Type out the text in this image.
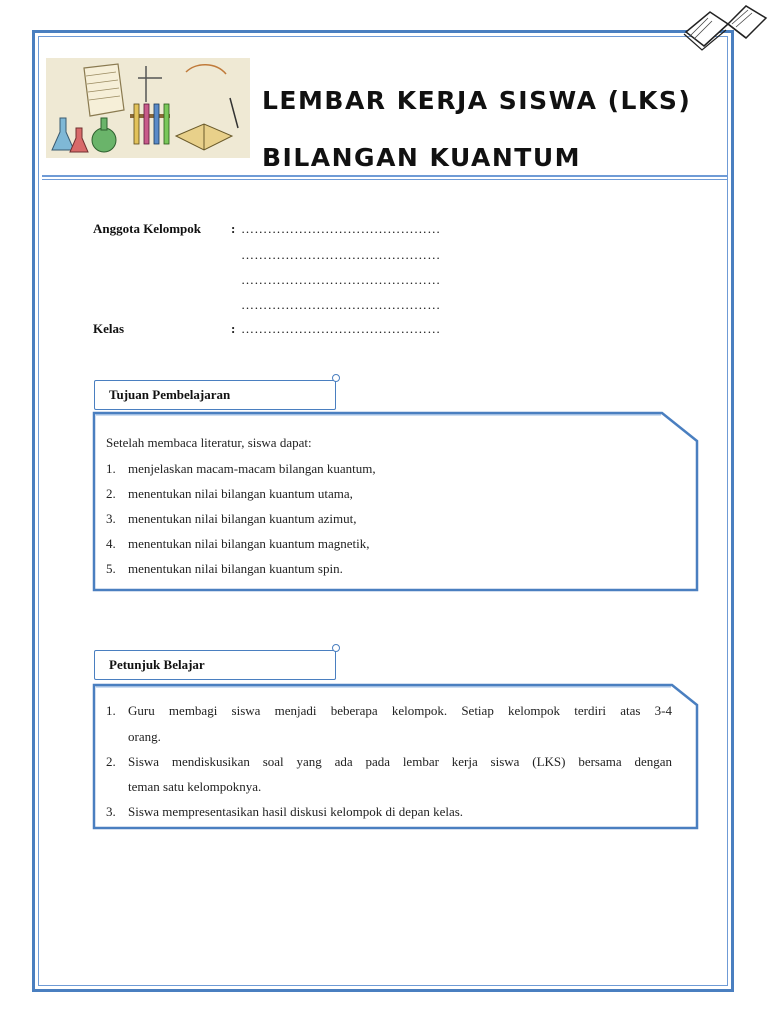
LEMBAR KERJA SISWA (LKS)
BILANGAN KUANTUM
Anggota Kelompok : ………………………………………
………………………………………
………………………………………
………………………………………
Kelas	: ………………………………………
Tujuan Pembelajaran
Setelah membaca literatur, siswa dapat:
1. menjelaskan macam-macam bilangan kuantum,
2. menentukan nilai bilangan kuantum utama,
3. menentukan nilai bilangan kuantum azimut,
4. menentukan nilai bilangan kuantum magnetik,
5. menentukan nilai bilangan kuantum spin.
Petunjuk Belajar
1. Guru membagi siswa menjadi beberapa kelompok. Setiap kelompok terdiri atas 3-4
orang.
2. Siswa mendiskusikan soal yang ada pada lembar kerja siswa (LKS) bersama dengan
teman satu kelompoknya.
3. Siswa mempresentasikan hasil diskusi kelompok di depan kelas.
